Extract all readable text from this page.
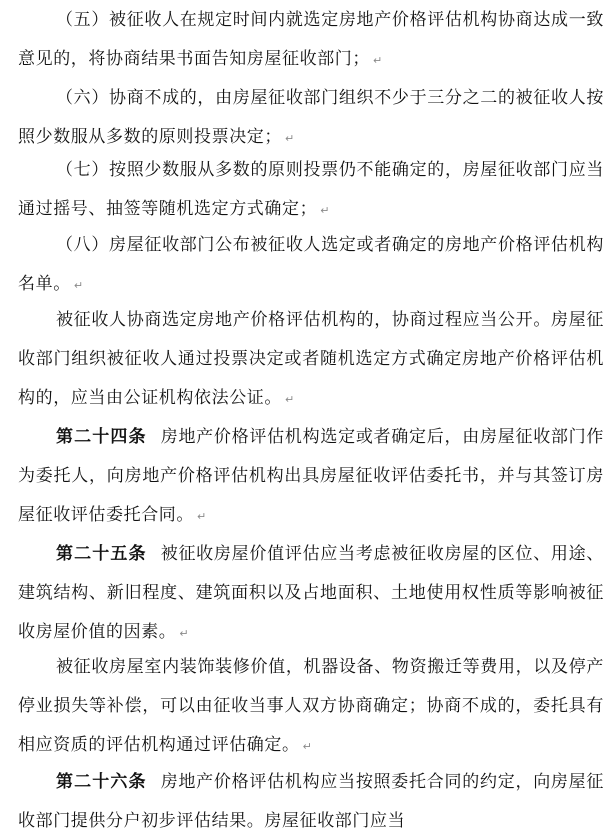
（五）被征收人在规定时间内就选定房地产价格评估机构协商达成一致意见的，将协商结果书面告知房屋征收部门； ↵

（六）协商不成的，由房屋征收部门组织不少于三分之二的被征收人按照少数服从多数的原则投票决定； ↵

（七）按照少数服从多数的原则投票仍不能确定的，房屋征收部门应当通过摇号、抽签等随机选定方式确定； ↵

（八）房屋征收部门公布被征收人选定或者确定的房地产价格评估机构名单。 ↵

被征收人协商选定房地产价格评估机构的，协商过程应当公开。房屋征收部门组织被征收人通过投票决定或者随机选定方式确定房地产价格评估机构的，应当由公证机构依法公证。 ↵

第二十四条 房地产价格评估机构选定或者确定后，由房屋征收部门作为委托人，向房地产价格评估机构出具房屋征收评估委托书，并与其签订房屋征收评估委托合同。 ↵

第二十五条 被征收房屋价值评估应当考虑被征收房屋的区位、用途、建筑结构、新旧程度、建筑面积以及占地面积、土地使用权性质等影响被征收房屋价值的因素。 ↵

被征收房屋室内装饰装修价值，机器设备、物资搬迁等费用，以及停产停业损失等补偿，可以由征收当事人双方协商确定；协商不成的，委托具有相应资质的评估机构通过评估确定。 ↵

第二十六条 房地产价格评估机构应当按照委托合同的约定，向房屋征收部门提供分户初步评估结果。房屋征收部门应当
